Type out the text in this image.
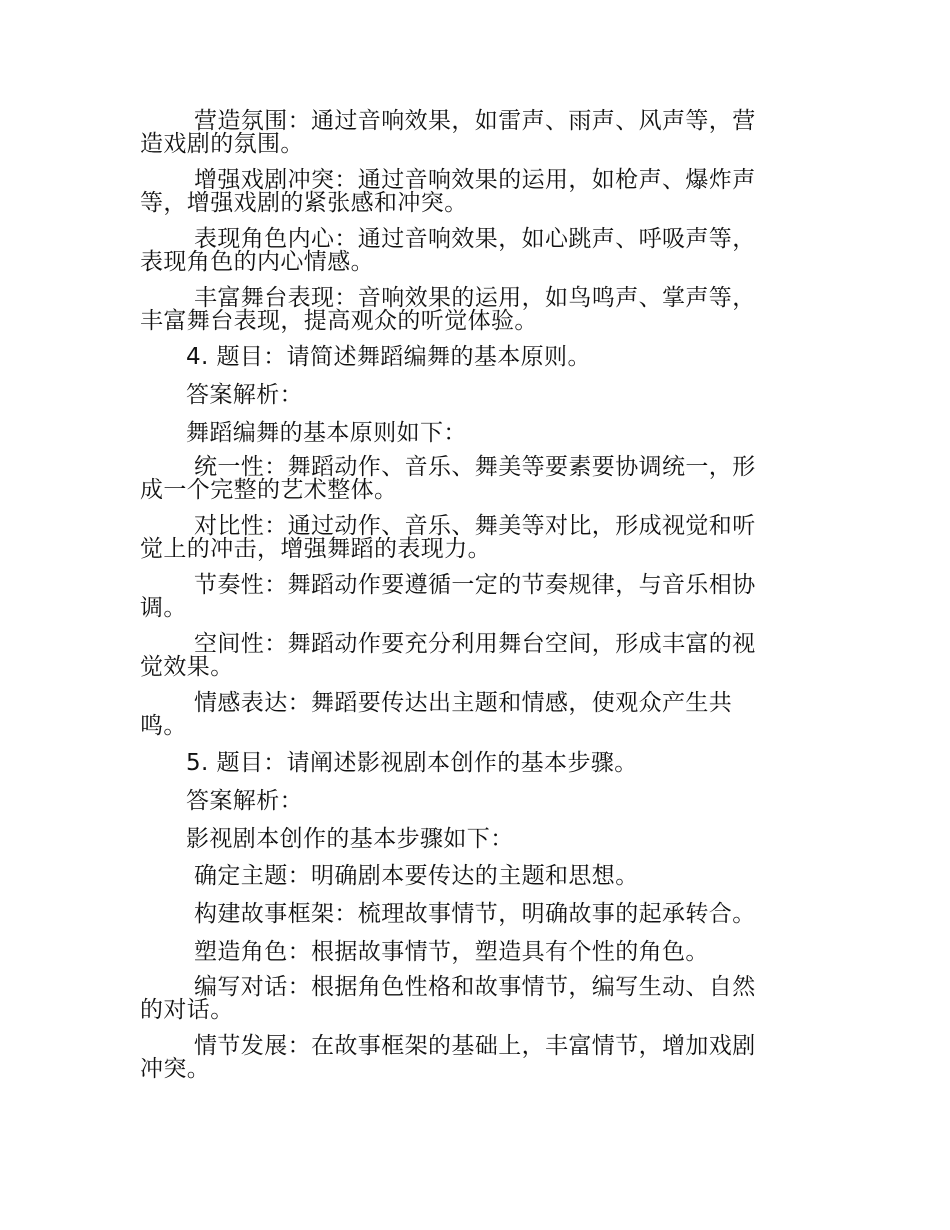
营造氛围：通过音响效果，如雷声、雨声、风声等，营
造戏剧的氛围。
增强戏剧冲突：通过音响效果的运用，如枪声、爆炸声
等，增强戏剧的紧张感和冲突。
表现角色内心：通过音响效果，如心跳声、呼吸声等，
表现角色的内心情感。
丰富舞台表现：音响效果的运用，如鸟鸣声、掌声等，
丰富舞台表现，提高观众的听觉体验。
4. 题目：请简述舞蹈编舞的基本原则。
答案解析：
舞蹈编舞的基本原则如下：
统一性：舞蹈动作、音乐、舞美等要素要协调统一，形
成一个完整的艺术整体。
对比性：通过动作、音乐、舞美等对比，形成视觉和听
觉上的冲击，增强舞蹈的表现力。
节奏性：舞蹈动作要遵循一定的节奏规律，与音乐相协
调。
空间性：舞蹈动作要充分利用舞台空间，形成丰富的视
觉效果。
情感表达：舞蹈要传达出主题和情感，使观众产生共
鸣。
5. 题目：请阐述影视剧本创作的基本步骤。
答案解析：
影视剧本创作的基本步骤如下：
确定主题：明确剧本要传达的主题和思想。
构建故事框架：梳理故事情节，明确故事的起承转合。
塑造角色：根据故事情节，塑造具有个性的角色。
编写对话：根据角色性格和故事情节，编写生动、自然
的对话。
情节发展：在故事框架的基础上，丰富情节，增加戏剧
冲突。
